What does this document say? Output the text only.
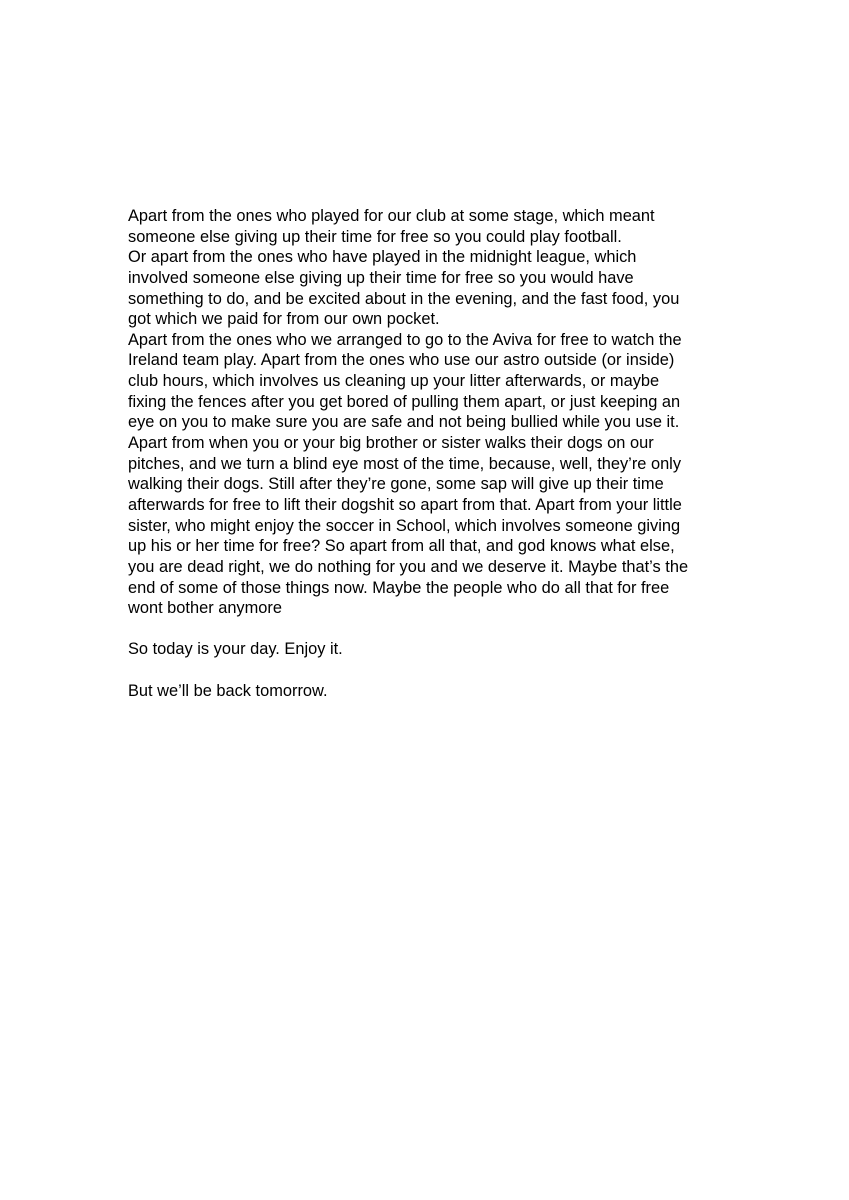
Apart from the ones who played for our club at some stage, which meant
someone else giving up their time for free so you could play football.
Or apart from the ones who have played in the midnight league, which
involved someone else giving up their time for free so you would have
something to do, and be excited about in the evening, and the fast food, you
got which we paid for from our own pocket.
Apart from the ones who we arranged to go to the Aviva for free to watch the
Ireland team play. Apart from the ones who use our astro outside (or inside)
club hours, which involves us cleaning up your litter afterwards, or maybe
fixing the fences after you get bored of pulling them apart, or just keeping an
eye on you to make sure you are safe and not being bullied while you use it.
Apart from when you or your big brother or sister walks their dogs on our
pitches, and we turn a blind eye most of the time, because, well, they’re only
walking their dogs. Still after they’re gone, some sap will give up their time
afterwards for free to lift their dogshit so apart from that. Apart from your little
sister, who might enjoy the soccer in School, which involves someone giving
up his or her time for free? So apart from all that, and god knows what else,
you are dead right, we do nothing for you and we deserve it. Maybe that’s the
end of some of those things now. Maybe the people who do all that for free
wont bother anymore
So today is your day. Enjoy it.
But we’ll be back tomorrow.
